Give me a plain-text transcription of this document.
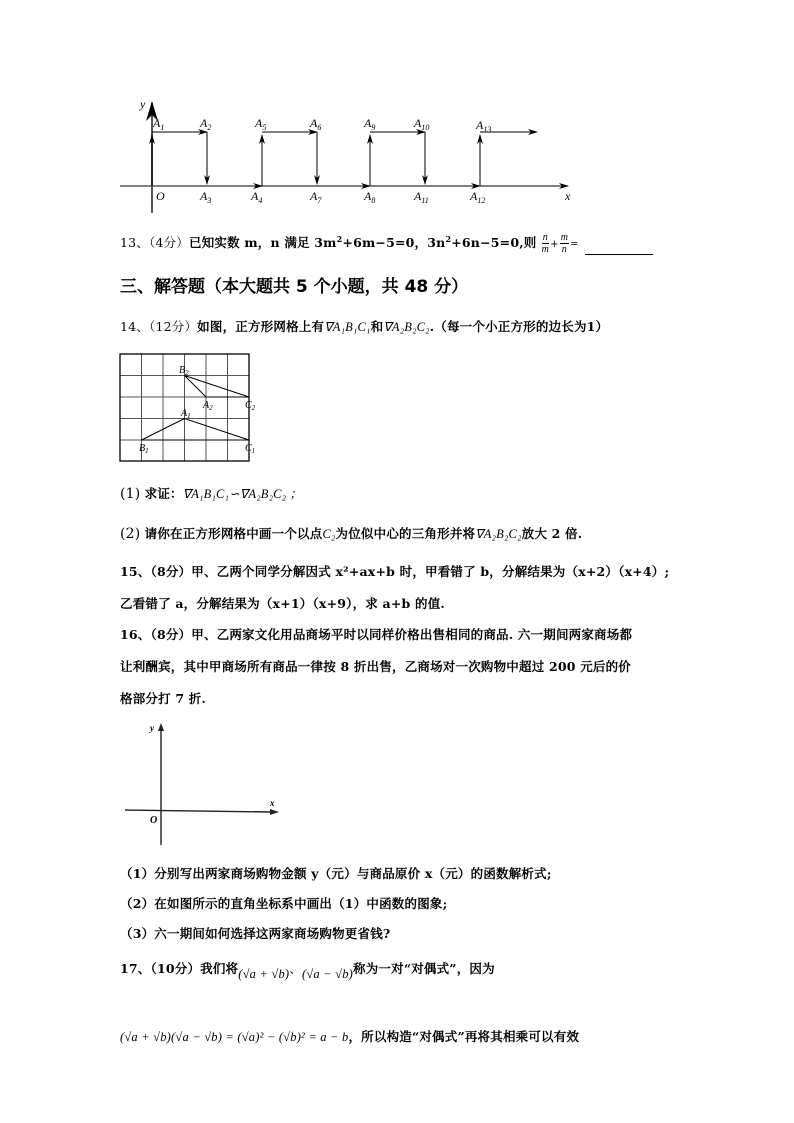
y
$A_1$	$A_2$	$A_5$	$A_6$	$A_9$	$A_{10}$	$A_{13}$
O	$A_3$	$A_4$	$A_7$	$A_8$	$A_{11}$	$A_{12}$	x
13、（4分）已知实数 m，n 满足 $3m^2+6m-5=0$，$3n^2+6n-5=0$,则 $\frac{n}{m} + \frac{m}{n}$ =
三、解答题（本大题共 5 个小题，共 48 分）
14、（12分）如图，正方形网格上有∇A₁B₁C₁和∇A₂B₂C₂.（每一个小正方形的边长为1）
$B_2$
$A_2$	$C_2$
$A_1$
$B_1$	$C_1$
(1) 求证：∇A₁B₁C₁∽∇A₂B₂C₂ ；
(2) 请你在正方形网格中画一个以点C₂为位似中心的三角形并将∇A₂B₂C₂放大 2 倍.
15、（8分）甲、乙两个同学分解因式 x²+ax+b 时，甲看错了 b，分解结果为（x+2）（x+4）;
乙看错了 a，分解结果为（x+1）（x+9），求 a+b 的值.
16、（8分）甲、乙两家文化用品商场平时以同样价格出售相同的商品. 六一期间两家商场都
让利酬宾，其中甲商场所有商品一律按 8 折出售，乙商场对一次购物中超过 200 元后的价
格部分打 7 折.
y
x
O
（1）分别写出两家商场购物金额 y（元）与商品原价 x（元）的函数解析式;
（2）在如图所示的直角坐标系中画出（1）中函数的图象;
（3）六一期间如何选择这两家商场购物更省钱?
17、（10分）我们将(√a + √b)、(√a − √b)称为一对“对偶式”，因为
(√a + √b)(√a − √b) = (√a)² − (√b)² = a − b，所以构造“对偶式”再将其相乘可以有效
